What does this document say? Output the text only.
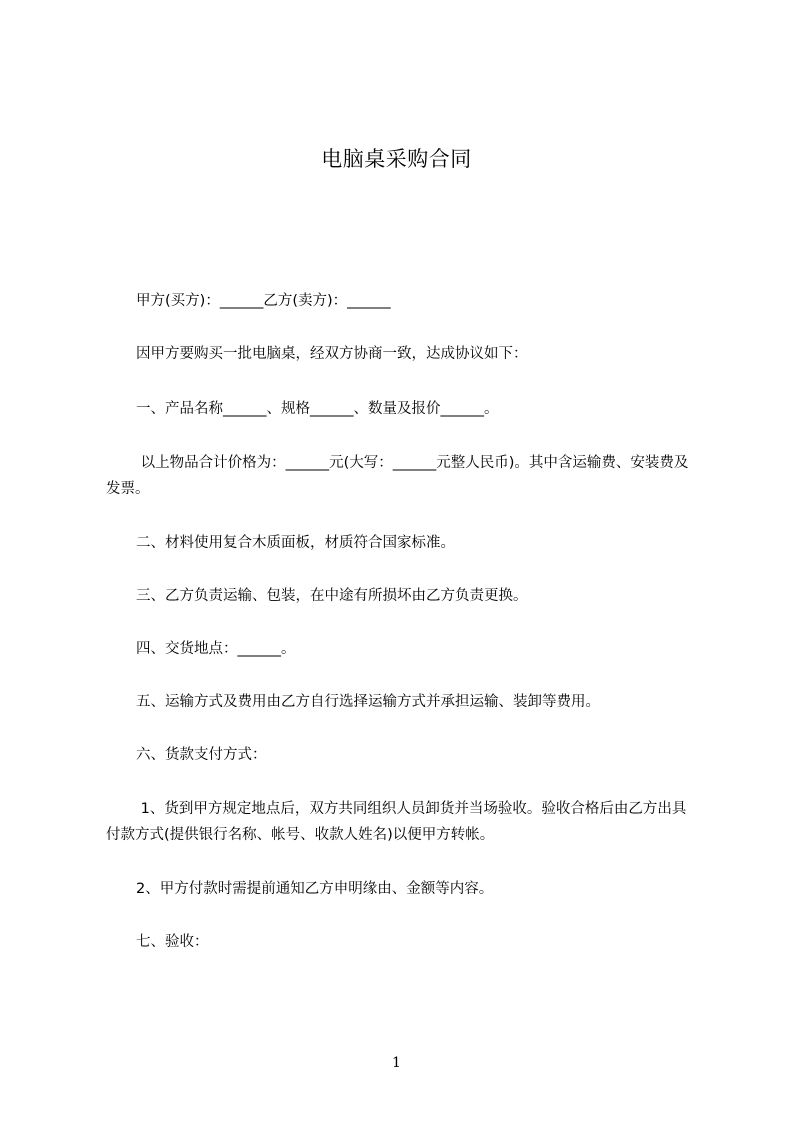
电脑桌采购合同
甲方(买方)：______乙方(卖方)：______
因甲方要购买一批电脑桌，经双方协商一致，达成协议如下：
一、产品名称______、规格______、数量及报价______。
以上物品合计价格为：______元(大写：______元整人民币)。其中含运输费、安装费及发票。
二、材料使用复合木质面板，材质符合国家标准。
三、乙方负责运输、包装，在中途有所损坏由乙方负责更换。
四、交货地点：______。
五、运输方式及费用由乙方自行选择运输方式并承担运输、装卸等费用。
六、货款支付方式：
1、货到甲方规定地点后，双方共同组织人员卸货并当场验收。验收合格后由乙方出具付款方式(提供银行名称、帐号、收款人姓名)以便甲方转帐。
2、甲方付款时需提前通知乙方申明缘由、金额等内容。
七、验收：
1
